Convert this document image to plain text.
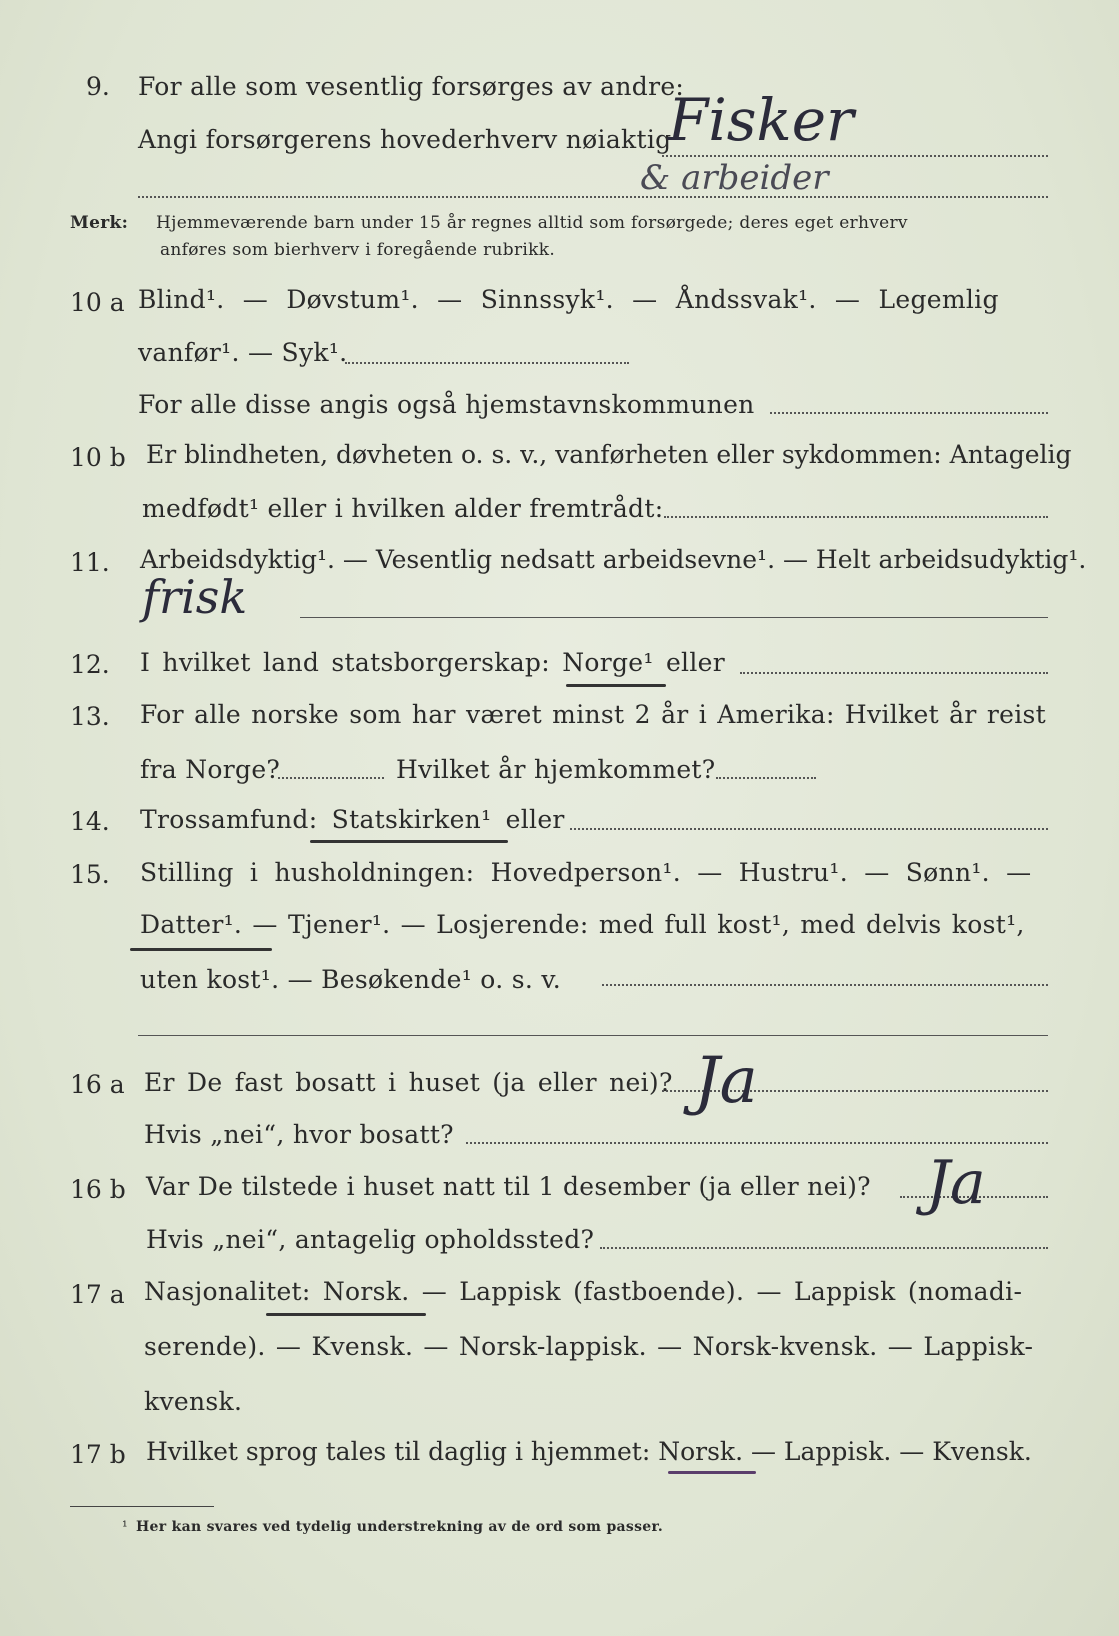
9. For alle som vesentlig forsørges av andre:
Angi forsørgerens hovederhverv nøiaktig
Fisker
& arbeider
Merk: Hjemmeværende barn under 15 år regnes alltid som forsørgede; deres eget erhverv
anføres som bierhverv i foregående rubrikk.
10 a Blind¹. — Døvstum¹. — Sinnssyk¹. — Åndssvak¹. — Legemlig
vanfør¹. — Syk¹.
For alle disse angis også hjemstavnskommunen
10 b Er blindheten, døvheten o. s. v., vanførheten eller sykdommen: Antagelig
medfødt¹ eller i hvilken alder fremtrådt:
11. Arbeidsdyktig¹. — Vesentlig nedsatt arbeidsevne¹. — Helt arbeidsudyktig¹.
frisk
12. I hvilket land statsborgerskap: Norge¹ eller
13. For alle norske som har været minst 2 år i Amerika: Hvilket år reist
fra Norge?	Hvilket år hjemkommet?
14. Trossamfund: Statskirken¹ eller
15. Stilling i husholdningen: Hovedperson¹. — Hustru¹. — Sønn¹. —
Datter¹. — Tjener¹. — Losjerende: med full kost¹, med delvis kost¹,
uten kost¹. — Besøkende¹ o. s. v.
16 a Er De fast bosatt i huset (ja eller nei)? Ja
Hvis „nei“, hvor bosatt?
16 b Var De tilstede i huset natt til 1 desember (ja eller nei)? Ja
Hvis „nei“, antagelig opholdssted?
17 a Nasjonalitet: Norsk. — Lappisk (fastboende). — Lappisk (nomadi-
serende). — Kvensk. — Norsk-lappisk. — Norsk-kvensk. — Lappisk-
kvensk.
17 b Hvilket sprog tales til daglig i hjemmet: Norsk. — Lappisk. — Kvensk.
¹ Her kan svares ved tydelig understrekning av de ord som passer.
